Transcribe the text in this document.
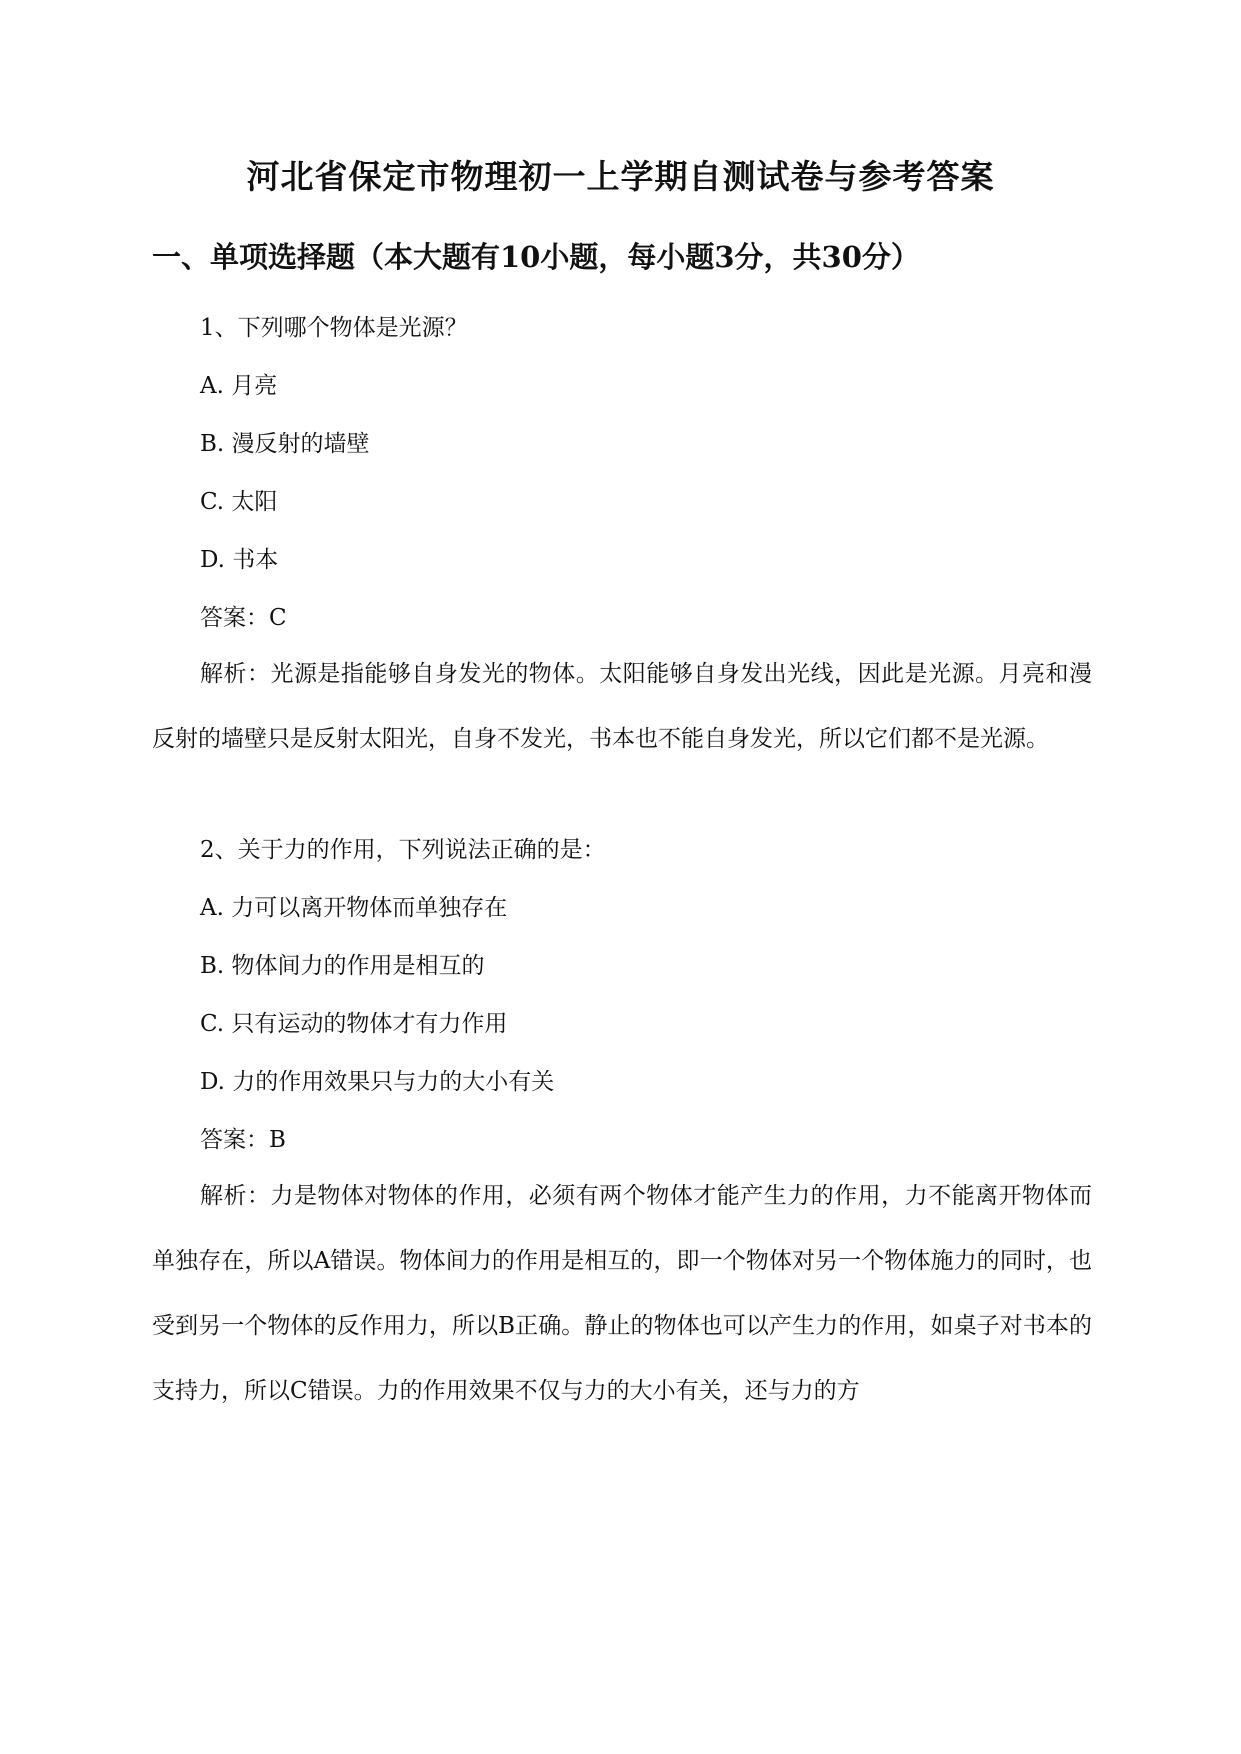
河北省保定市物理初一上学期自测试卷与参考答案
一、单项选择题（本大题有10小题，每小题3分，共30分）
1、下列哪个物体是光源？
A. 月亮
B. 漫反射的墙壁
C. 太阳
D. 书本
答案：C
解析：光源是指能够自身发光的物体。太阳能够自身发出光线，因此是光源。月亮和漫反射的墙壁只是反射太阳光，自身不发光，书本也不能自身发光，所以它们都不是光源。
2、关于力的作用，下列说法正确的是：
A. 力可以离开物体而单独存在
B. 物体间力的作用是相互的
C. 只有运动的物体才有力作用
D. 力的作用效果只与力的大小有关
答案：B
解析：力是物体对物体的作用，必须有两个物体才能产生力的作用，力不能离开物体而单独存在，所以A错误。物体间力的作用是相互的，即一个物体对另一个物体施力的同时，也受到另一个物体的反作用力，所以B正确。静止的物体也可以产生力的作用，如桌子对书本的支持力，所以C错误。力的作用效果不仅与力的大小有关，还与力的方
